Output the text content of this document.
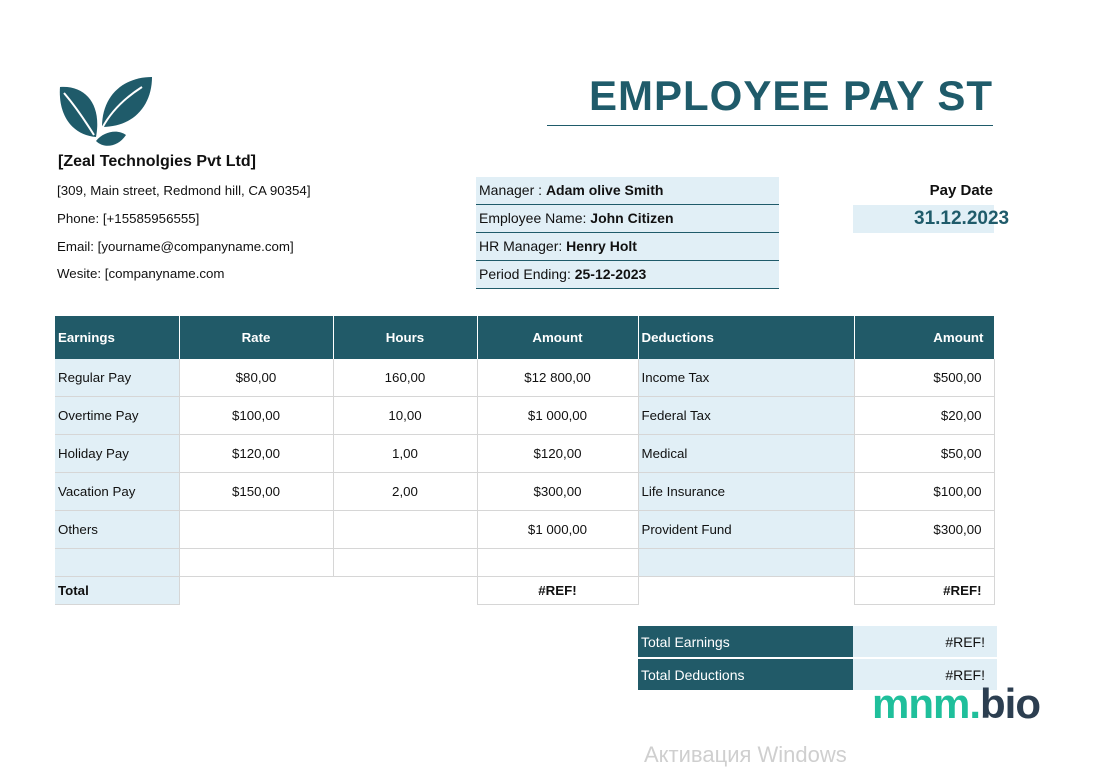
EMPLOYEE PAY ST
[Zeal Technolgies Pvt Ltd]
[309, Main street, Redmond hill, CA 90354]
Phone: [+15585956555]
Email: [yourname@companyname.com]
Wesite: [companyname.com
Manager : Adam olive Smith
Employee Name: John Citizen
HR Manager: Henry Holt
Period Ending: 25-12-2023
Pay Date
31.12.2023
Earnings	Rate	Hours	Amount	Deductions	Amount
Regular Pay	$80,00	160,00	$12 800,00	Income Tax	$500,00
Overtime Pay	$100,00	10,00	$1 000,00	Federal Tax	$20,00
Holiday Pay	$120,00	1,00	$120,00	Medical	$50,00
Vacation Pay	$150,00	2,00	$300,00	Life Insurance	$100,00
Others			$1 000,00	Provident Fund	$300,00

Total			#REF!		#REF!
Total Earnings	#REF!
Total Deductions	#REF!
mnm.bio
Активация Windows
